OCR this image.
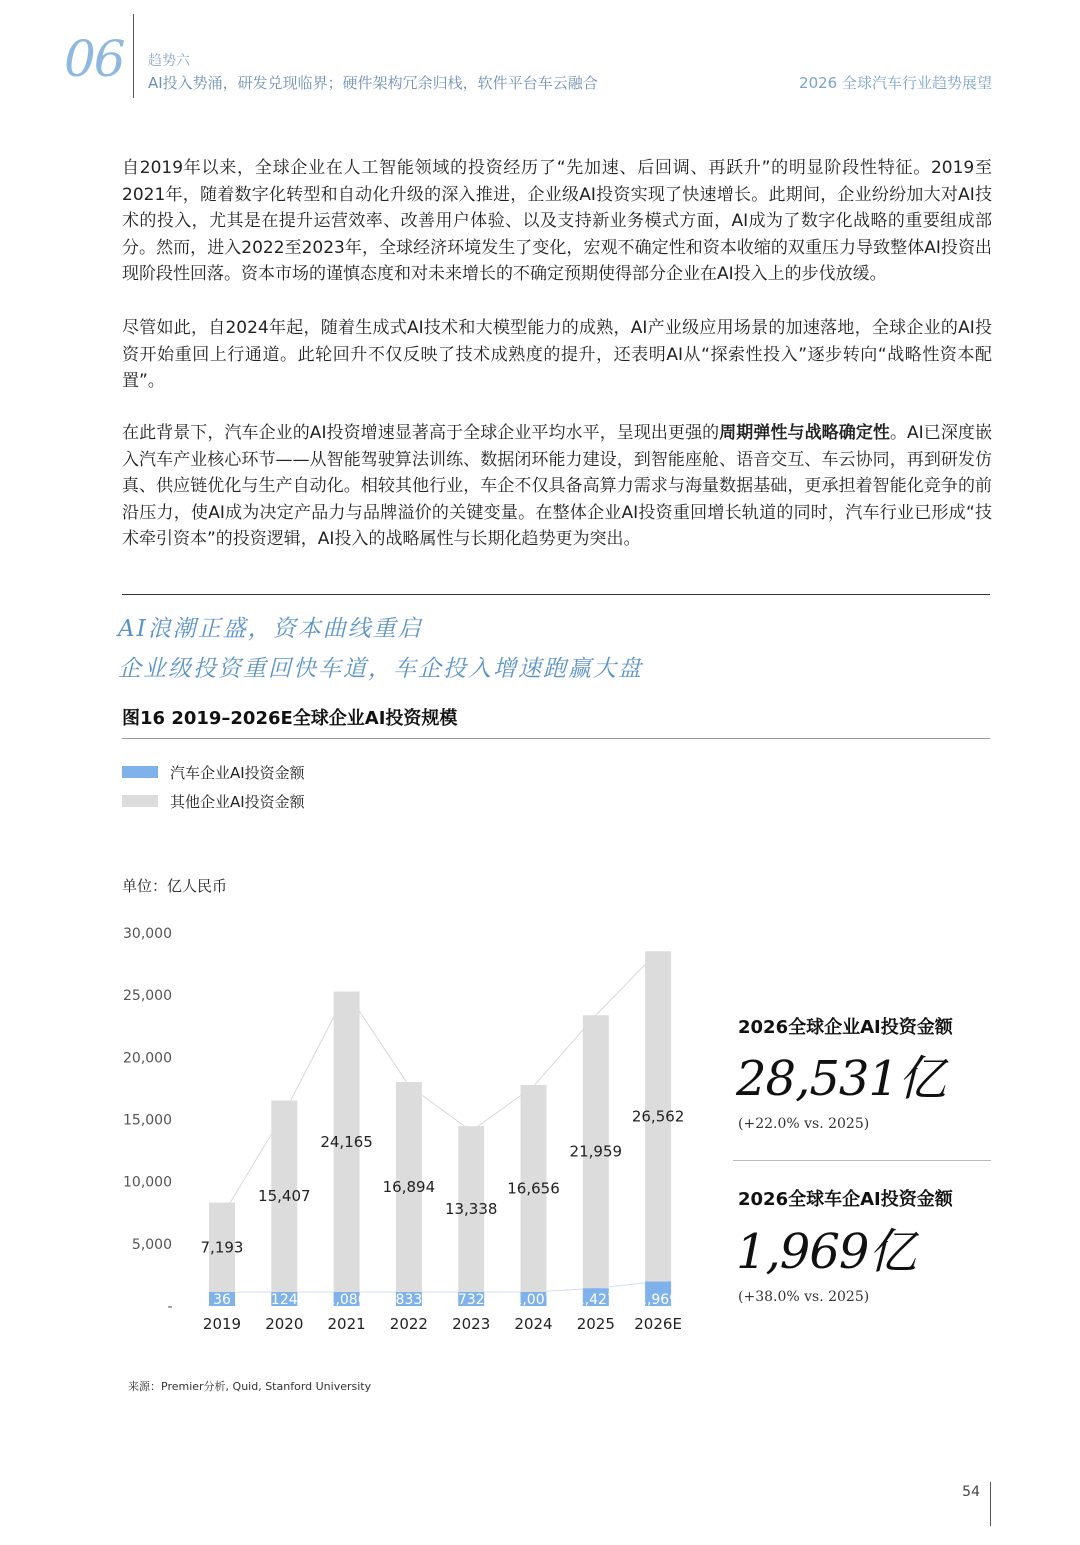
06 趋势六
AI投入势涌，研发兑现临界；硬件架构冗余归栈，软件平台车云融合	2026 全球汽车行业趋势展望
自2019年以来，全球企业在人工智能领域的投资经历了“先加速、后回调、再跃升”的明显阶段性特征。2019至2021年，随着数字化转型和自动化升级的深入推进，企业级AI投资实现了快速增长。此期间，企业纷纷加大对AI技术的投入，尤其是在提升运营效率、改善用户体验、以及支持新业务模式方面，AI成为了数字化战略的重要组成部分。然而，进入2022至2023年，全球经济环境发生了变化，宏观不确定性和资本收缩的双重压力导致整体AI投资出现阶段性回落。资本市场的谨慎态度和对未来增长的不确定预期使得部分企业在AI投入上的步伐放缓。
尽管如此，自2024年起，随着生成式AI技术和大模型能力的成熟，AI产业级应用场景的加速落地，全球企业的AI投资开始重回上行通道。此轮回升不仅反映了技术成熟度的提升，还表明AI从“探索性投入”逐步转向“战略性资本配置”。
在此背景下，汽车企业的AI投资增速显著高于全球企业平均水平，呈现出更强的周期弹性与战略确定性。AI已深度嵌入汽车产业核心环节——从智能驾驶算法训练、数据闭环能力建设，到智能座舱、语音交互、车云协同，再到研发仿真、供应链优化与生产自动化。相较其他行业，车企不仅具备高算力需求与海量数据基础，更承担着智能化竞争的前沿压力，使AI成为决定产品力与品牌溢价的关键变量。在整体企业AI投资重回增长轨道的同时，汽车行业已形成“技术牵引资本”的投资逻辑，AI投入的战略属性与长期化趋势更为突出。
AI浪潮正盛，资本曲线重启
企业级投资重回快车道，车企投入增速跑赢大盘
图16 2019–2026E全球企业AI投资规模
汽车企业AI投资金额
其他企业AI投资金额
单位：亿人民币
-
5,000
10,000
15,000
20,000
25,000
30,000
7,193
36
2019
15,407
124
2020
24,165
1,086
2021
16,894
833
2022
13,338
732
2023
16,656
1,007
2024
21,959
1,427
2025
26,562
1,969
2026E
2026全球企业AI投资金额
28,531亿
(+22.0% vs. 2025)
2026全球车企AI投资金额
1,969亿
(+38.0% vs. 2025)
来源：Premier分析, Quid, Stanford University
54
